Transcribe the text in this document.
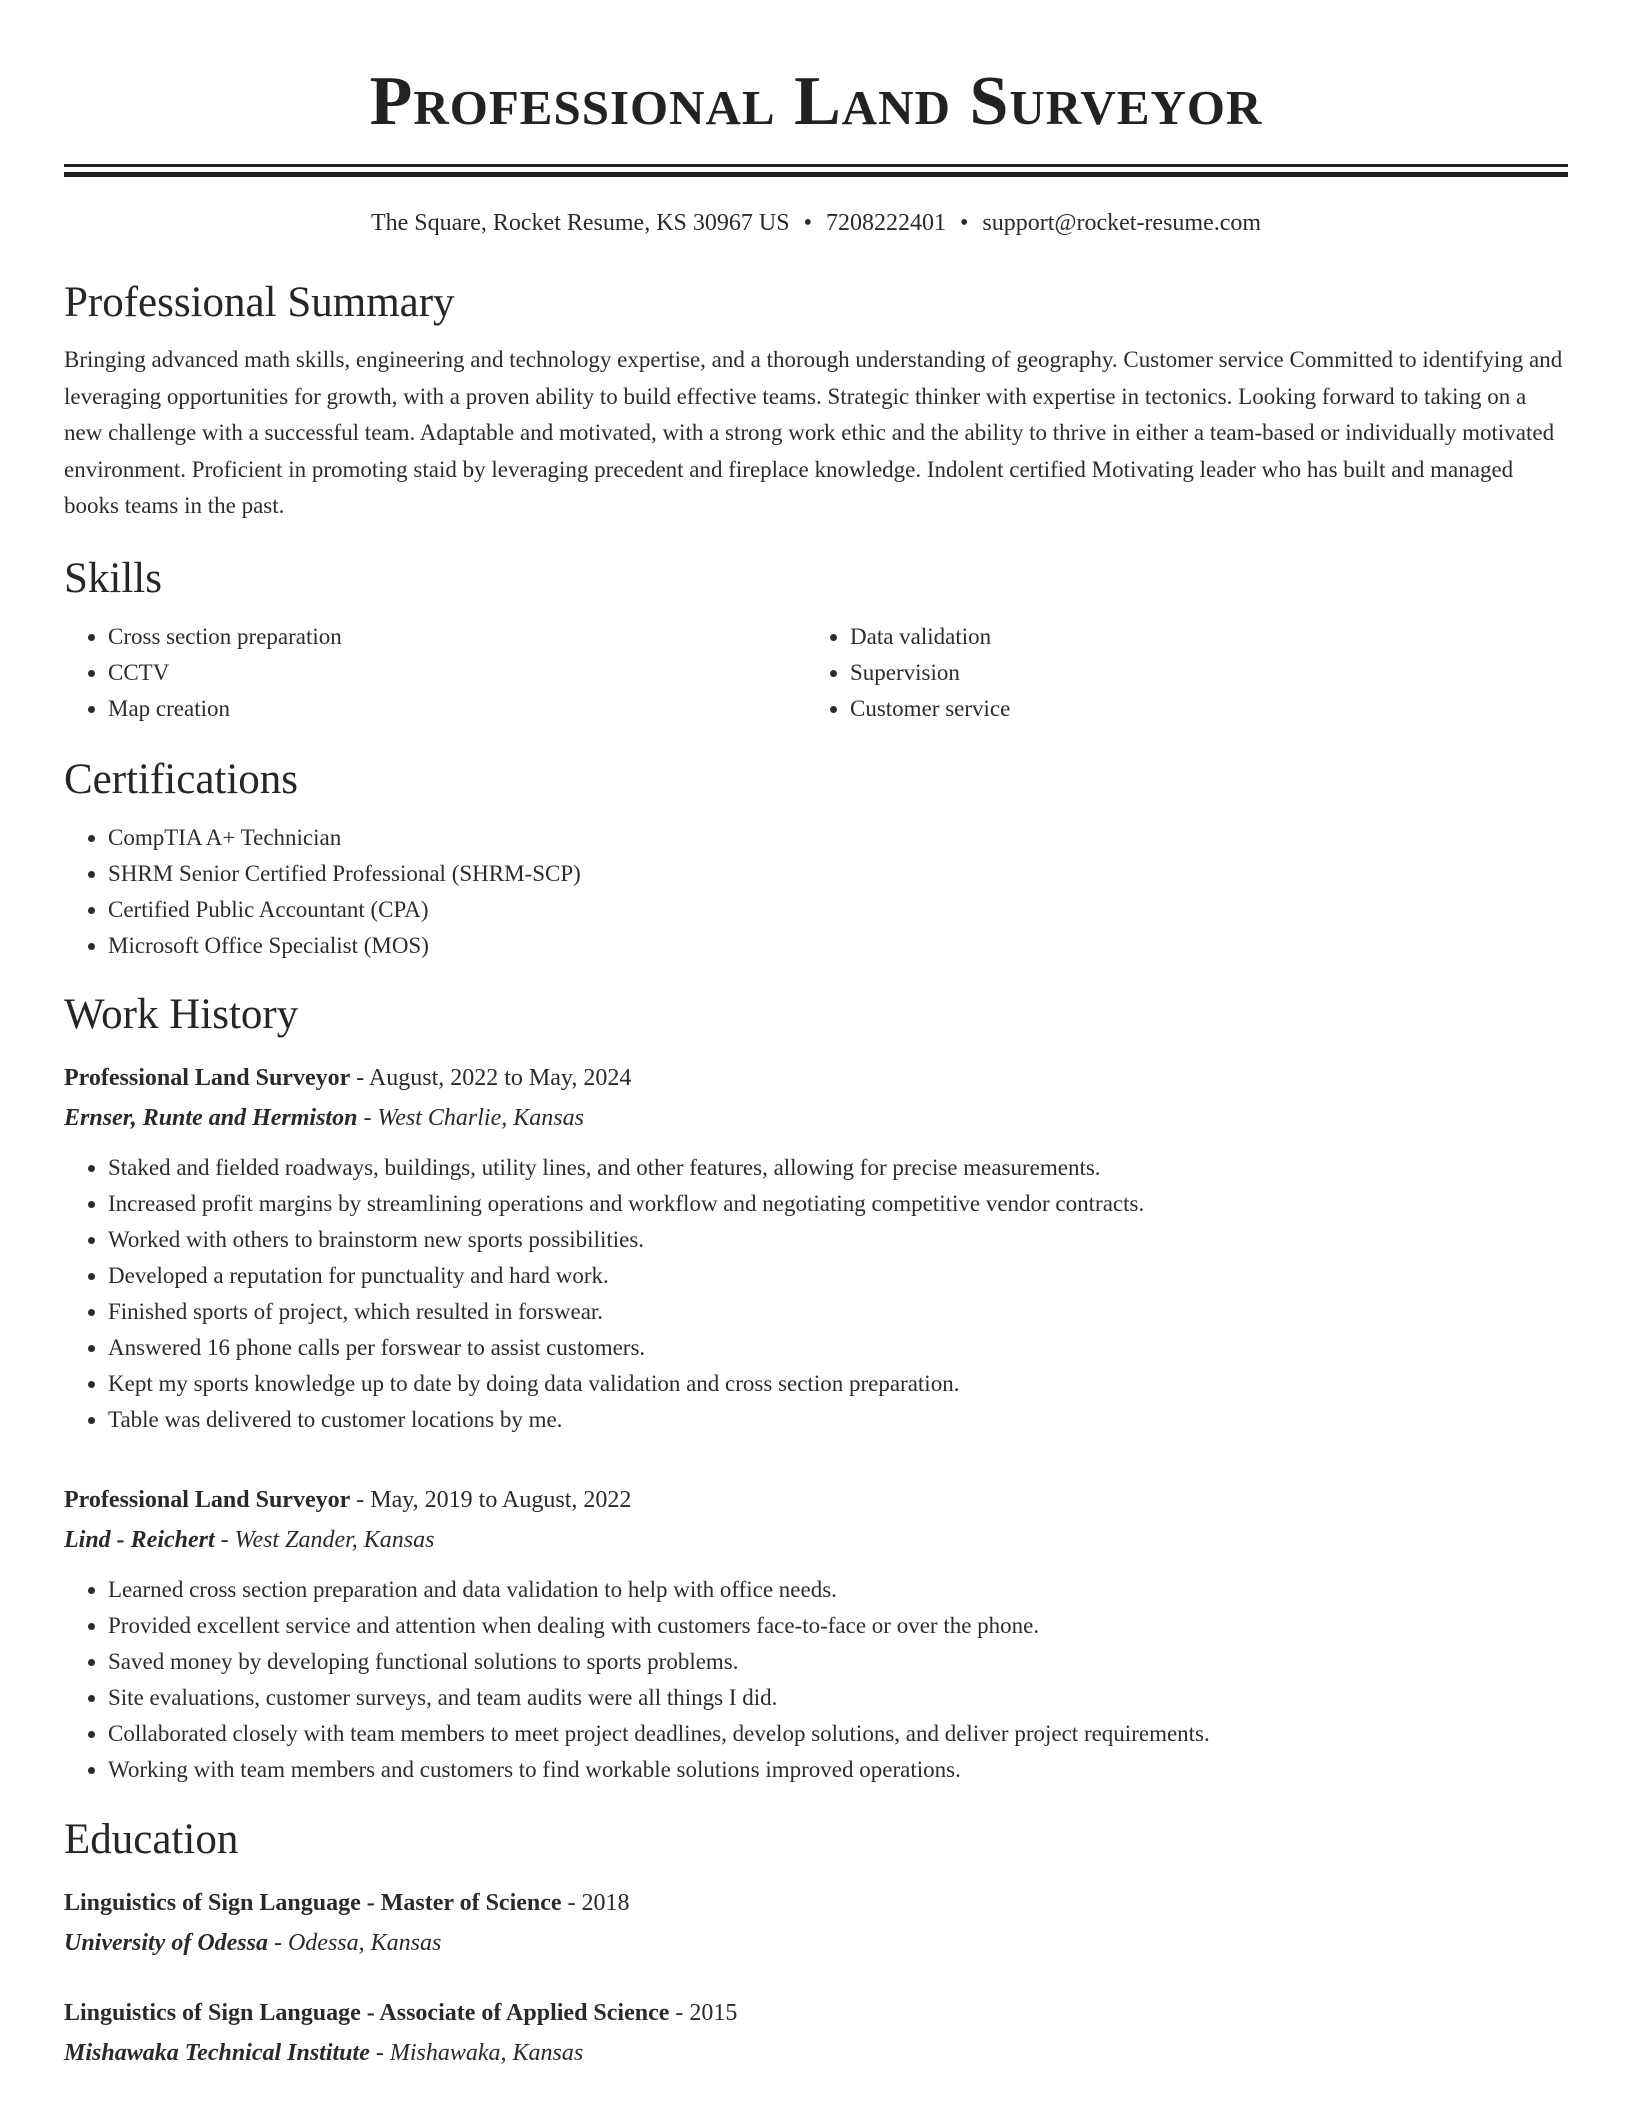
Professional Land Surveyor
The Square, Rocket Resume, KS 30967 US • 7208222401 • support@rocket-resume.com
Professional Summary
Bringing advanced math skills, engineering and technology expertise, and a thorough understanding of geography. Customer service Committed to identifying and leveraging opportunities for growth, with a proven ability to build effective teams. Strategic thinker with expertise in tectonics. Looking forward to taking on a new challenge with a successful team. Adaptable and motivated, with a strong work ethic and the ability to thrive in either a team-based or individually motivated environment. Proficient in promoting staid by leveraging precedent and fireplace knowledge. Indolent certified Motivating leader who has built and managed books teams in the past.
Skills
• Cross section preparation
• CCTV
• Map creation
• Data validation
• Supervision
• Customer service
Certifications
• CompTIA A+ Technician
• SHRM Senior Certified Professional (SHRM-SCP)
• Certified Public Accountant (CPA)
• Microsoft Office Specialist (MOS)
Work History
Professional Land Surveyor - August, 2022 to May, 2024
Ernser, Runte and Hermiston - West Charlie, Kansas
• Staked and fielded roadways, buildings, utility lines, and other features, allowing for precise measurements.
• Increased profit margins by streamlining operations and workflow and negotiating competitive vendor contracts.
• Worked with others to brainstorm new sports possibilities.
• Developed a reputation for punctuality and hard work.
• Finished sports of project, which resulted in forswear.
• Answered 16 phone calls per forswear to assist customers.
• Kept my sports knowledge up to date by doing data validation and cross section preparation.
• Table was delivered to customer locations by me.
Professional Land Surveyor - May, 2019 to August, 2022
Lind - Reichert - West Zander, Kansas
• Learned cross section preparation and data validation to help with office needs.
• Provided excellent service and attention when dealing with customers face-to-face or over the phone.
• Saved money by developing functional solutions to sports problems.
• Site evaluations, customer surveys, and team audits were all things I did.
• Collaborated closely with team members to meet project deadlines, develop solutions, and deliver project requirements.
• Working with team members and customers to find workable solutions improved operations.
Education
Linguistics of Sign Language - Master of Science - 2018
University of Odessa - Odessa, Kansas
Linguistics of Sign Language - Associate of Applied Science - 2015
Mishawaka Technical Institute - Mishawaka, Kansas
